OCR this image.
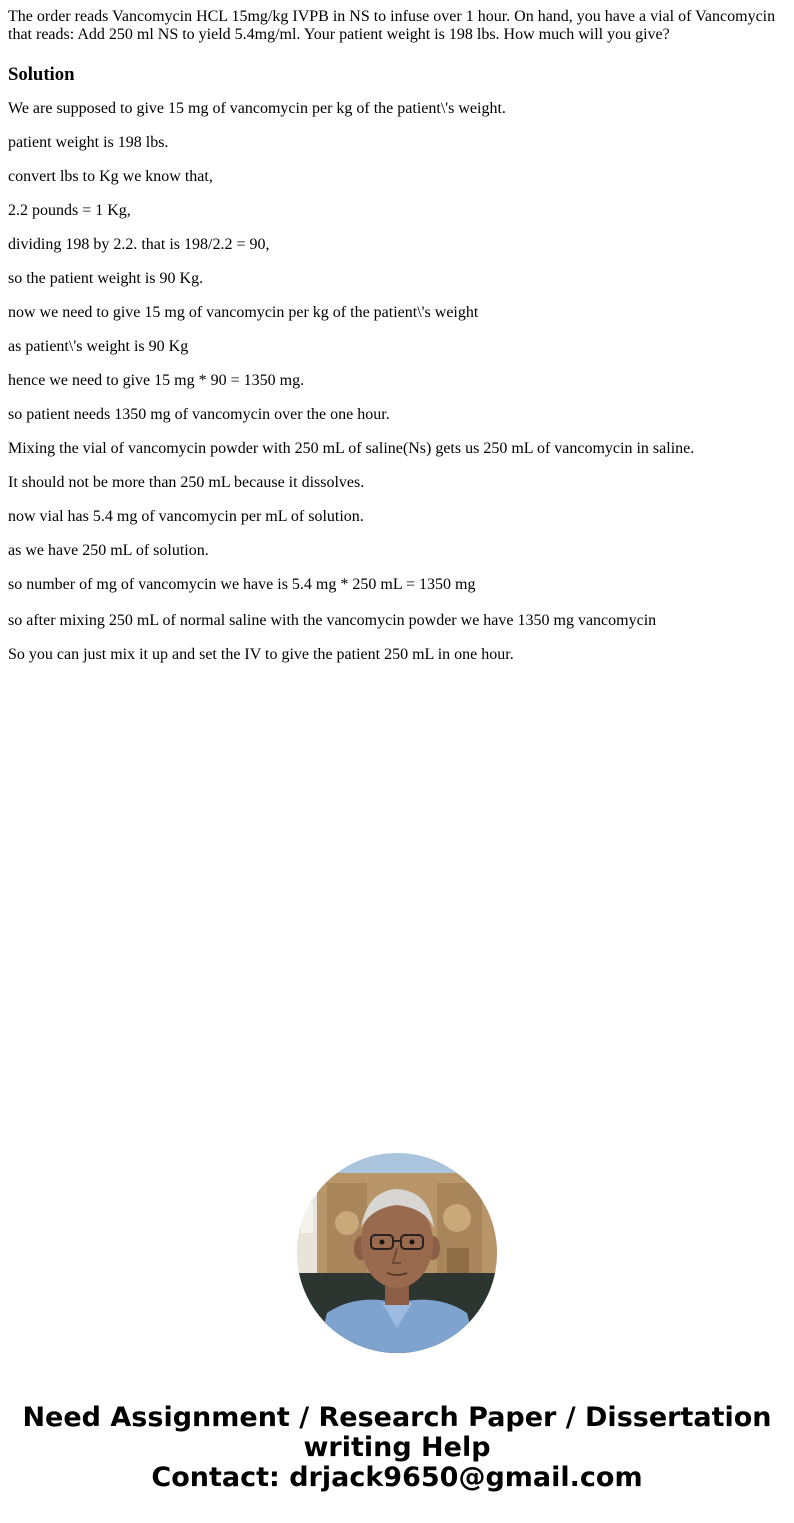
The order reads Vancomycin HCL 15mg/kg IVPB in NS to infuse over 1 hour. On hand, you have a vial of Vancomycin that reads: Add 250 ml NS to yield 5.4mg/ml. Your patient weight is 198 lbs. How much will you give?

Solution

We are supposed to give 15 mg of vancomycin per kg of the patient\'s weight.

patient weight is 198 lbs.

convert lbs to Kg we know that,

2.2 pounds = 1 Kg,

dividing 198 by 2.2. that is 198/2.2 = 90,

so the patient weight is 90 Kg.

now we need to give 15 mg of vancomycin per kg of the patient\'s weight

as patient\'s weight is 90 Kg

hence we need to give 15 mg * 90 = 1350 mg.

so patient needs 1350 mg of vancomycin over the one hour.

Mixing the vial of vancomycin powder with 250 mL of saline(Ns) gets us 250 mL of vancomycin in saline.

It should not be more than 250 mL because it dissolves.

now vial has 5.4 mg of vancomycin per mL of solution.

as we have 250 mL of solution.

so number of mg of vancomycin we have is 5.4 mg * 250 mL = 1350 mg

so after mixing 250 mL of normal saline with the vancomycin powder we have 1350 mg vancomycin

So you can just mix it up and set the IV to give the patient 250 mL in one hour.

Need Assignment / Research Paper / Dissertation
writing Help
Contact: drjack9650@gmail.com
